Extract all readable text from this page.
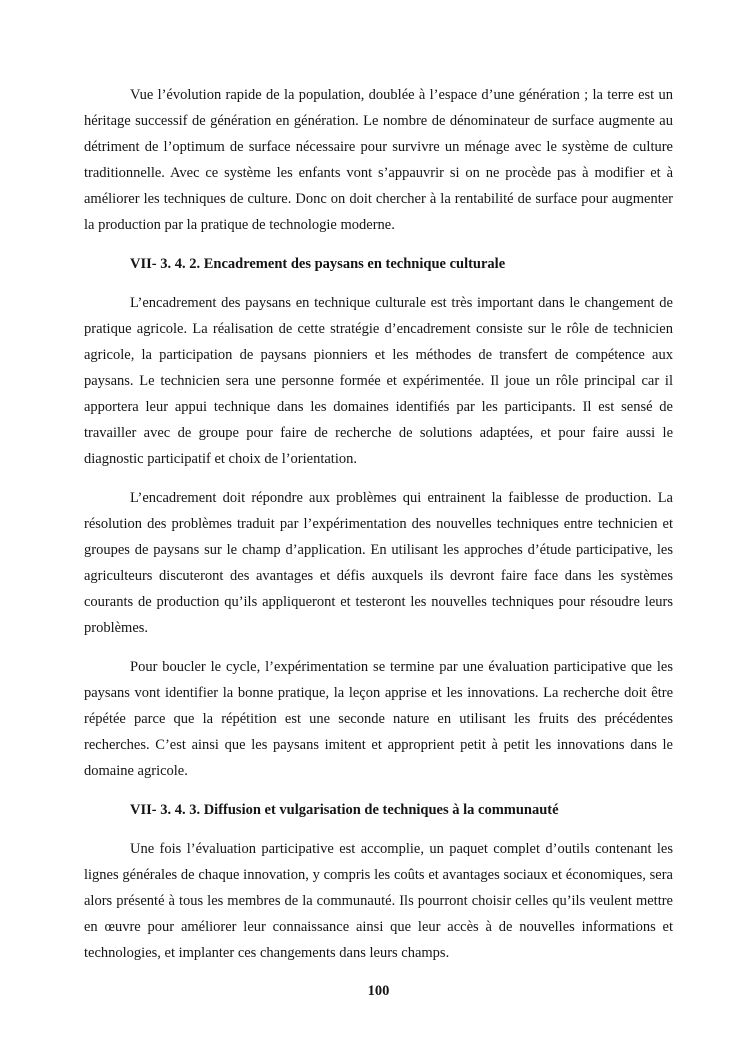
Vue l’évolution rapide de la population, doublée à l’espace d’une génération ; la terre est un héritage successif de génération en génération. Le nombre de dénominateur de surface augmente au détriment de l’optimum de surface nécessaire pour survivre un ménage avec le système de culture traditionnelle. Avec ce système les enfants vont s’appauvrir si on ne procède pas à modifier et à améliorer les techniques de culture. Donc on doit chercher à la rentabilité de surface pour augmenter la production par la pratique de technologie moderne.

VII- 3. 4. 2. Encadrement des paysans en technique culturale

L’encadrement des paysans en technique culturale est très important dans le changement de pratique agricole. La réalisation de cette stratégie d’encadrement consiste sur le rôle de technicien agricole, la participation de paysans pionniers et les méthodes de transfert de compétence aux paysans. Le technicien sera une personne formée et expérimentée. Il joue un rôle principal car il apportera leur appui technique dans les domaines identifiés par les participants. Il est sensé de travailler avec de groupe pour faire de recherche de solutions adaptées, et pour faire aussi le diagnostic participatif et choix de l’orientation.

L’encadrement doit répondre aux problèmes qui entrainent la faiblesse de production. La résolution des problèmes traduit par l’expérimentation des nouvelles techniques entre technicien et groupes de paysans sur le champ d’application. En utilisant les approches d’étude participative, les agriculteurs discuteront des avantages et défis auxquels ils devront faire face dans les systèmes courants de production qu’ils appliqueront et testeront les nouvelles techniques pour résoudre leurs problèmes.

Pour boucler le cycle, l’expérimentation se termine par une évaluation participative que les paysans vont identifier la bonne pratique, la leçon apprise et les innovations. La recherche doit être répétée parce que la répétition est une seconde nature en utilisant les fruits des précédentes recherches. C’est ainsi que les paysans imitent et approprient petit à petit les innovations dans le domaine agricole.

VII- 3. 4. 3. Diffusion et vulgarisation de techniques à la communauté

Une fois l’évaluation participative est accomplie, un paquet complet d’outils contenant les lignes générales de chaque innovation, y compris les coûts et avantages sociaux et économiques, sera alors présenté à tous les membres de la communauté. Ils pourront choisir celles qu’ils veulent mettre en œuvre pour améliorer leur connaissance ainsi que leur accès à de nouvelles informations et technologies, et implanter ces changements dans leurs champs.

100
